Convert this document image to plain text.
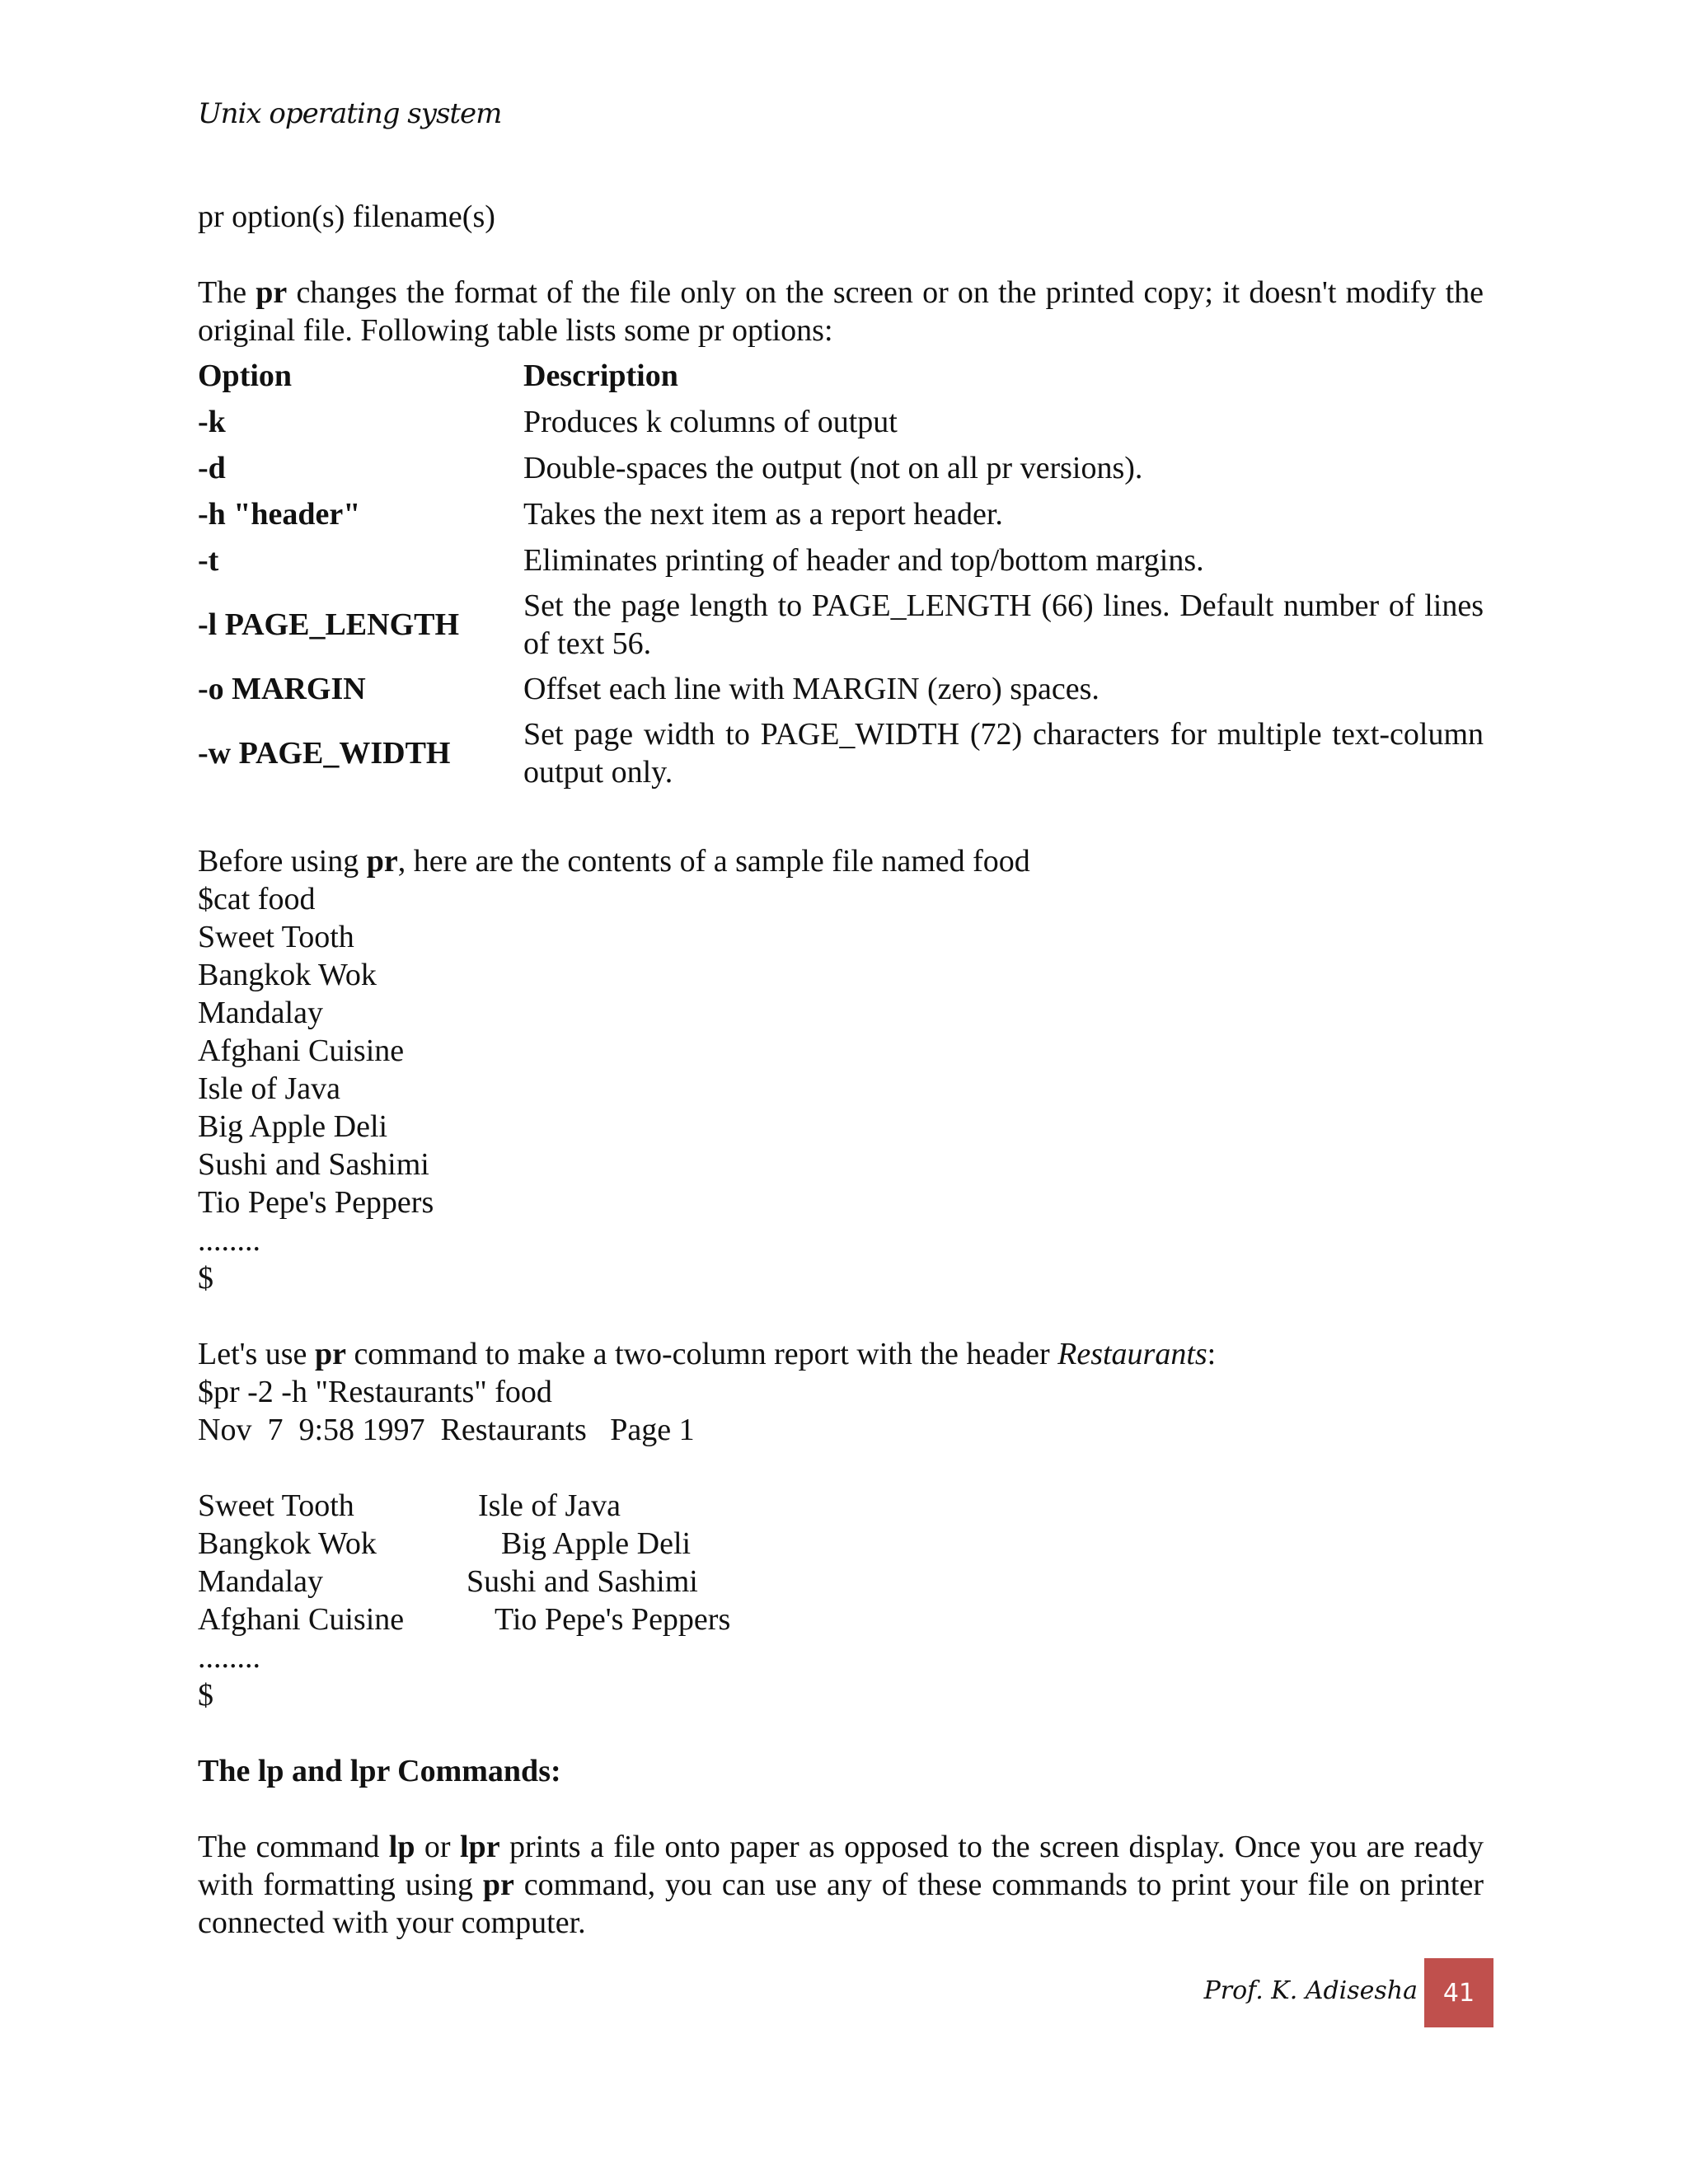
Unix operating system

pr option(s) filename(s)

The pr changes the format of the file only on the screen or on the printed copy; it doesn't modify the original file. Following table lists some pr options:

Option	Description
-k	Produces k columns of output
-d	Double-spaces the output (not on all pr versions).
-h "header"	Takes the next item as a report header.
-t	Eliminates printing of header and top/bottom margins.
-l PAGE_LENGTH	Set the page length to PAGE_LENGTH (66) lines. Default number of lines of text 56.
-o MARGIN	Offset each line with MARGIN (zero) spaces.
-w PAGE_WIDTH	Set page width to PAGE_WIDTH (72) characters for multiple text-column output only.

Before using pr, here are the contents of a sample file named food

$cat food
Sweet Tooth
Bangkok Wok
Mandalay
Afghani Cuisine
Isle of Java
Big Apple Deli
Sushi and Sashimi
Tio Pepe's Peppers
........
$

Let's use pr command to make a two-column report with the header Restaurants:

$pr -2 -h "Restaurants" food
Nov  7  9:58 1997  Restaurants   Page 1
Sweet Tooth	Isle of Java
Bangkok Wok	Big Apple Deli
Mandalay	Sushi and Sashimi
Afghani Cuisine	Tio Pepe's Peppers
........
$

The lp and lpr Commands:

The command lp or lpr prints a file onto paper as opposed to the screen display. Once you are ready with formatting using pr command, you can use any of these commands to print your file on printer connected with your computer.

Prof. K. Adisesha	41
